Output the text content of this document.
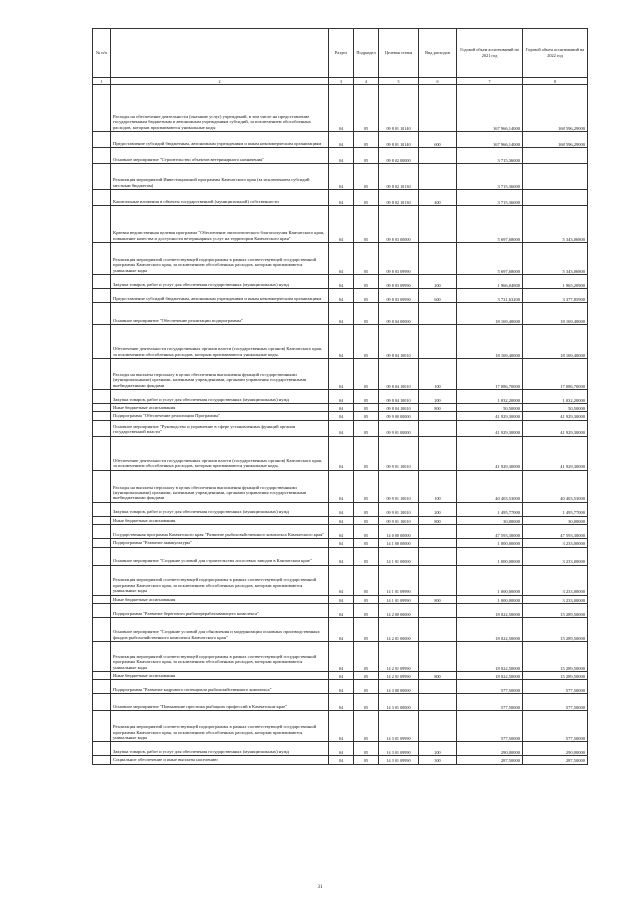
№ п/п		Раздел	Подраздел	Целевая статья	Вид расходов	Годовой объем ассигнований на 2021 год	Годовой объем ассигнований на 2022 год
1	2	3	4	5	6	7	8
	Расходы на обеспечение деятельности (оказание услуг) учреждений, в том числе на предоставление государственным бюджетным и автономным учреждениям субсидий, за исключением обособленных расходов, которым присваиваются уникальные коды	04	05	09 8 01 10140		167 966,14000	168 596,29000
	Предоставление субсидий бюджетным, автономным учреждениям и иным некоммерческим организациям	04	05	09 8 01 10140	600	167 966,14000	168 596,29000
	Основное мероприятие "Строительство объектов ветеринарного назначения"	04	05	09 8 02 00000		3 715,36000	
	Реализация мероприятий Инвестиционной программы Камчатского края (за исключением субсидий местным бюджетам)	04	05	09 8 02 10130		3 715,36000	
	Капитальные вложения в объекты государственной (муниципальной) собственности	04	05	09 8 02 10130	400	3 715,36000	
	Краевая ведомственная целевая программа "Обеспечение эпизоотического благополучия Камчатского края, повышение качества и доступности ветеринарных услуг на территории Камчатского края"	04	05	09 8 03 00000		5 697,68000	5 343,06800
	Реализация мероприятий соответствующей подпрограммы в рамках соответствующей государственной программы Камчатского края, за исключением обособленных расходов, которым присваиваются уникальные коды	04	05	09 8 03 09990		5 697,68000	5 343,06800
	Закупка товаров, работ и услуг для обеспечения государственных (муниципальных) нужд	04	05	09 8 03 09990	200	1 966,04800	1 965,20900
	Предоставление субсидий бюджетным, автономным учреждениям и иным некоммерческим организациям	04	05	09 8 03 09990	600	3 731,63200	3 377,85900
	Основное мероприятие "Обеспечение реализации подпрограммы"	04	05	09 8 04 00000		18 169,40000	18 169,40000
	Обеспечение деятельности государственных органов власти (государственных органов) Камчатского края, за исключением обособленных расходов, которым присваиваются уникальные коды.	04	05	09 8 04 10010		18 169,40000	18 169,40000
	Расходы на выплаты персоналу в целях обеспечения выполнения функций государственными (муниципальными) органами, казенными учреждениями, органами управления государственными внебюджетными фондами	04	05	09 8 04 10010	100	17 086,70000	17 086,70000
	Закупка товаров, работ и услуг для обеспечения государственных (муниципальных) нужд	04	05	09 8 04 10010	200	1 032,20000	1 032,20000
	Иные бюджетные ассигнования	04	05	09 8 04 10010	800	50,50000	50,50000
	Подпрограмма "Обеспечение реализации Программы"	04	05	09 9 00 00000		41 929,30000	41 929,30000
	Основное мероприятие "Руководство и управление в сфере установленных функций органов государственной власти"	04	05	09 9 01 00000		41 929,30000	41 929,30000
	Обеспечение деятельности государственных органов власти (государственных органов) Камчатского края, за исключением обособленных расходов, которым присваиваются уникальные коды.	04	05	09 9 01 10010		41 929,30000	41 929,30000
	Расходы на выплаты персоналу в целях обеспечения выполнения функций государственными (муниципальными) органами, казенными учреждениями, органами управления государственными внебюджетными фондами	04	05	09 9 01 10010	100	40 403,53000	40 403,53000
	Закупка товаров, работ и услуг для обеспечения государственных (муниципальных) нужд	04	05	09 9 01 10010	200	1 495,77000	1 495,77000
	Иные бюджетные ассигнования	04	05	09 9 01 10010	800	30,00000	30,00000
	Государственная программа Камчатского края "Развитие рыбохозяйственного комплекса Камчатского края"	04	05	14 0 00 00000		47 593,30000	47 593,30000
	Подпрограмма "Развитие аквакультуры"	04	05	14 1 00 00000		1 000,00000	3 233,00000
	Основное мероприятие "Создание условий для строительства лососевых заводов в Камчатском крае"	04	05	14 1 01 00000		1 000,00000	3 233,00000
	Реализация мероприятий соответствующей подпрограммы в рамках соответствующей государственной программы Камчатского края, за исключением обособленных расходов, которым присваиваются уникальные коды	04	05	14 1 01 09990		1 000,00000	3 233,00000
	Иные бюджетные ассигнования	04	05	14 1 01 09990	800	1 000,00000	3 233,00000
	Подпрограмма "Развитие берегового рыбоперерабатывающего комплекса"	04	05	14 2 00 00000		18 022,50000	15 289,50000
	Основное мероприятие "Создание условий для обновления и модернизации основных производственных фондов рыбохозяйственного комплекса Камчатского края"	04	05	14 2 01 00000		18 022,50000	15 289,50000
	Реализация мероприятий соответствующей подпрограммы в рамках соответствующей государственной программы Камчатского края, за исключением обособленных расходов, которым присваиваются уникальные коды	04	05	14 2 01 09990		18 022,50000	15 289,50000
	Иные бюджетные ассигнования	04	05	14 2 01 09990	800	18 022,50000	15 289,50000
	Подпрограмма "Развитие кадрового потенциала рыбохозяйственного комплекса"	04	05	14 3 00 00000		577,50000	577,50000
	Основное мероприятие "Повышение престижа рыбацких профессий в Камчатском крае"	04	05	14 3 01 00000		577,50000	577,50000
	Реализация мероприятий соответствующей подпрограммы в рамках соответствующей государственной программы Камчатского края, за исключением обособленных расходов, которым присваиваются уникальные коды	04	05	14 3 01 09990		577,50000	577,50000
	Закупка товаров, работ и услуг для обеспечения государственных (муниципальных) нужд	04	05	14 3 01 09990	200	290,00000	290,00000
	Социальное обеспечение и иные выплаты населению	04	05	14 3 01 09990	300	287,50000	287,50000
31
